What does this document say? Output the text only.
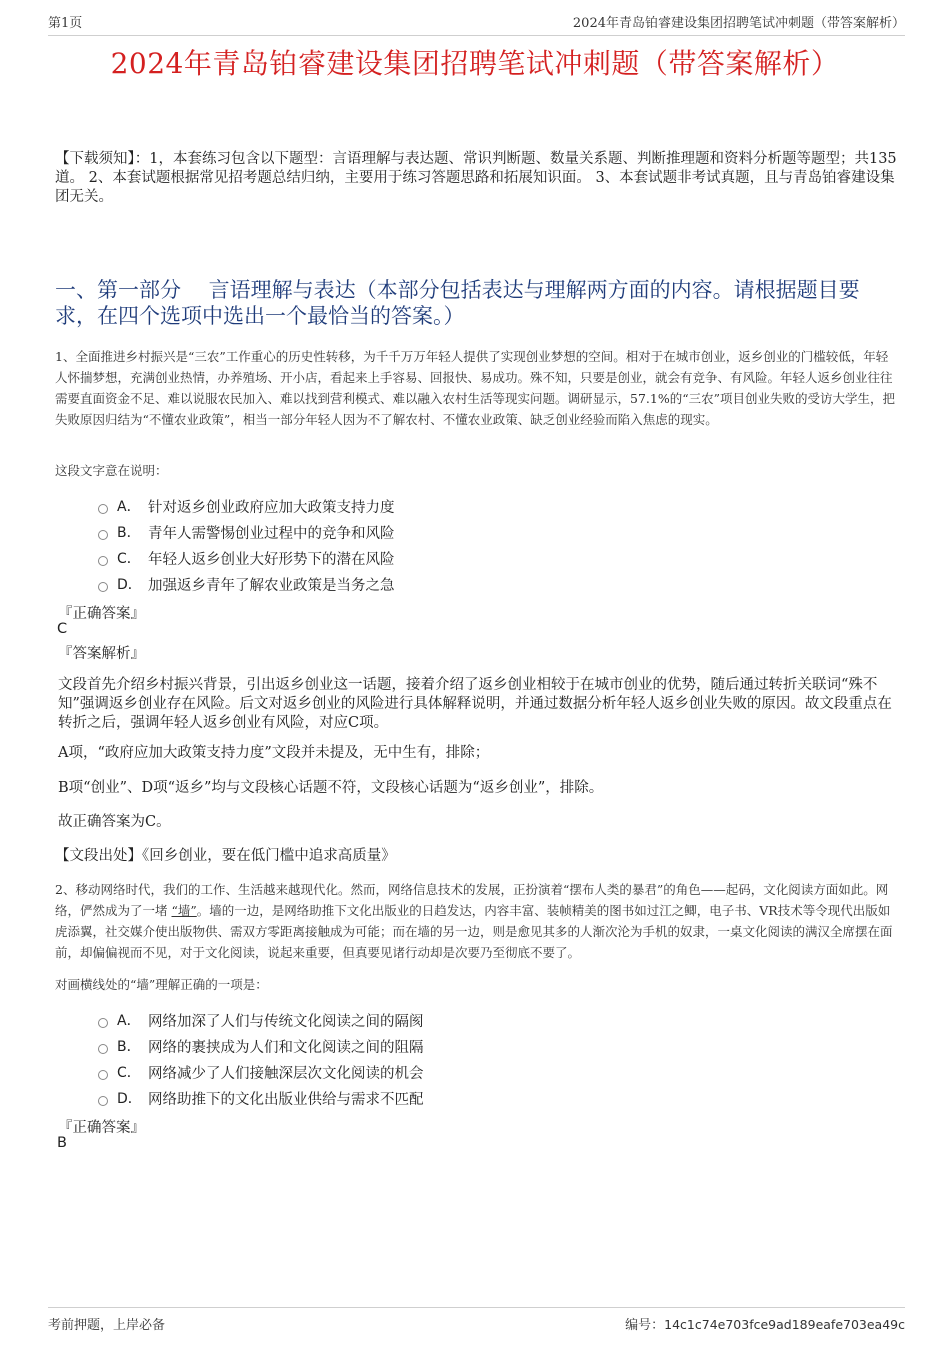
第1页	2024年青岛铂睿建设集团招聘笔试冲刺题（带答案解析）
2024年青岛铂睿建设集团招聘笔试冲刺题（带答案解析）
【下载须知】：1，本套练习包含以下题型：言语理解与表达题、常识判断题、数量关系题、判断推理题和资料分析题等题型；共135道。 2、本套试题根据常见招考题总结归纳，主要用于练习答题思路和拓展知识面。 3、本套试题非考试真题，且与青岛铂睿建设集团无关。
一、第一部分　 言语理解与表达（本部分包括表达与理解两方面的内容。请根据题目要求，在四个选项中选出一个最恰当的答案。）
1、全面推进乡村振兴是“三农”工作重心的历史性转移，为千千万万年轻人提供了实现创业梦想的空间。相对于在城市创业，返乡创业的门槛较低，年轻人怀揣梦想，充满创业热情，办养殖场、开小店，看起来上手容易、回报快、易成功。殊不知，只要是创业，就会有竞争、有风险。年轻人返乡创业往往需要直面资金不足、难以说服农民加入、难以找到营利模式、难以融入农村生活等现实问题。调研显示，57.1%的“三农”项目创业失败的受访大学生，把失败原因归结为“不懂农业政策”，相当一部分年轻人因为不了解农村、不懂农业政策、缺乏创业经验而陷入焦虑的现实。
这段文字意在说明：
A． 针对返乡创业政府应加大政策支持力度
B． 青年人需警惕创业过程中的竞争和风险
C． 年轻人返乡创业大好形势下的潜在风险
D． 加强返乡青年了解农业政策是当务之急
『正确答案』
C
『答案解析』
文段首先介绍乡村振兴背景，引出返乡创业这一话题，接着介绍了返乡创业相较于在城市创业的优势，随后通过转折关联词“殊不知”强调返乡创业存在风险。后文对返乡创业的风险进行具体解释说明，并通过数据分析年轻人返乡创业失败的原因。故文段重点在转折之后，强调年轻人返乡创业有风险，对应C项。
A项，“政府应加大政策支持力度”文段并未提及，无中生有，排除；
B项“创业”、D项“返乡”均与文段核心话题不符，文段核心话题为“返乡创业”，排除。
故正确答案为C。
【文段出处】《回乡创业，要在低门槛中追求高质量》
2、移动网络时代，我们的工作、生活越来越现代化。然而，网络信息技术的发展，正扮演着“摆布人类的暴君”的角色——起码，文化阅读方面如此。网络，俨然成为了一堵 “墙”。墙的一边，是网络助推下文化出版业的日趋发达，内容丰富、装帧精美的图书如过江之鲫，电子书、VR技术等令现代出版如虎添翼，社交媒介使出版物供、需双方零距离接触成为可能；而在墙的另一边，则是愈见其多的人渐次沦为手机的奴隶，一桌文化阅读的满汉全席摆在面前，却偏偏视而不见，对于文化阅读，说起来重要，但真要见诸行动却是次要乃至彻底不要了。
对画横线处的“墙”理解正确的一项是：
A． 网络加深了人们与传统文化阅读之间的隔阂
B． 网络的裹挟成为人们和文化阅读之间的阻隔
C． 网络减少了人们接触深层次文化阅读的机会
D． 网络助推下的文化出版业供给与需求不匹配
『正确答案』
B
考前押题，上岸必备	编号：14c1c74e703fce9ad189eafe703ea49c
